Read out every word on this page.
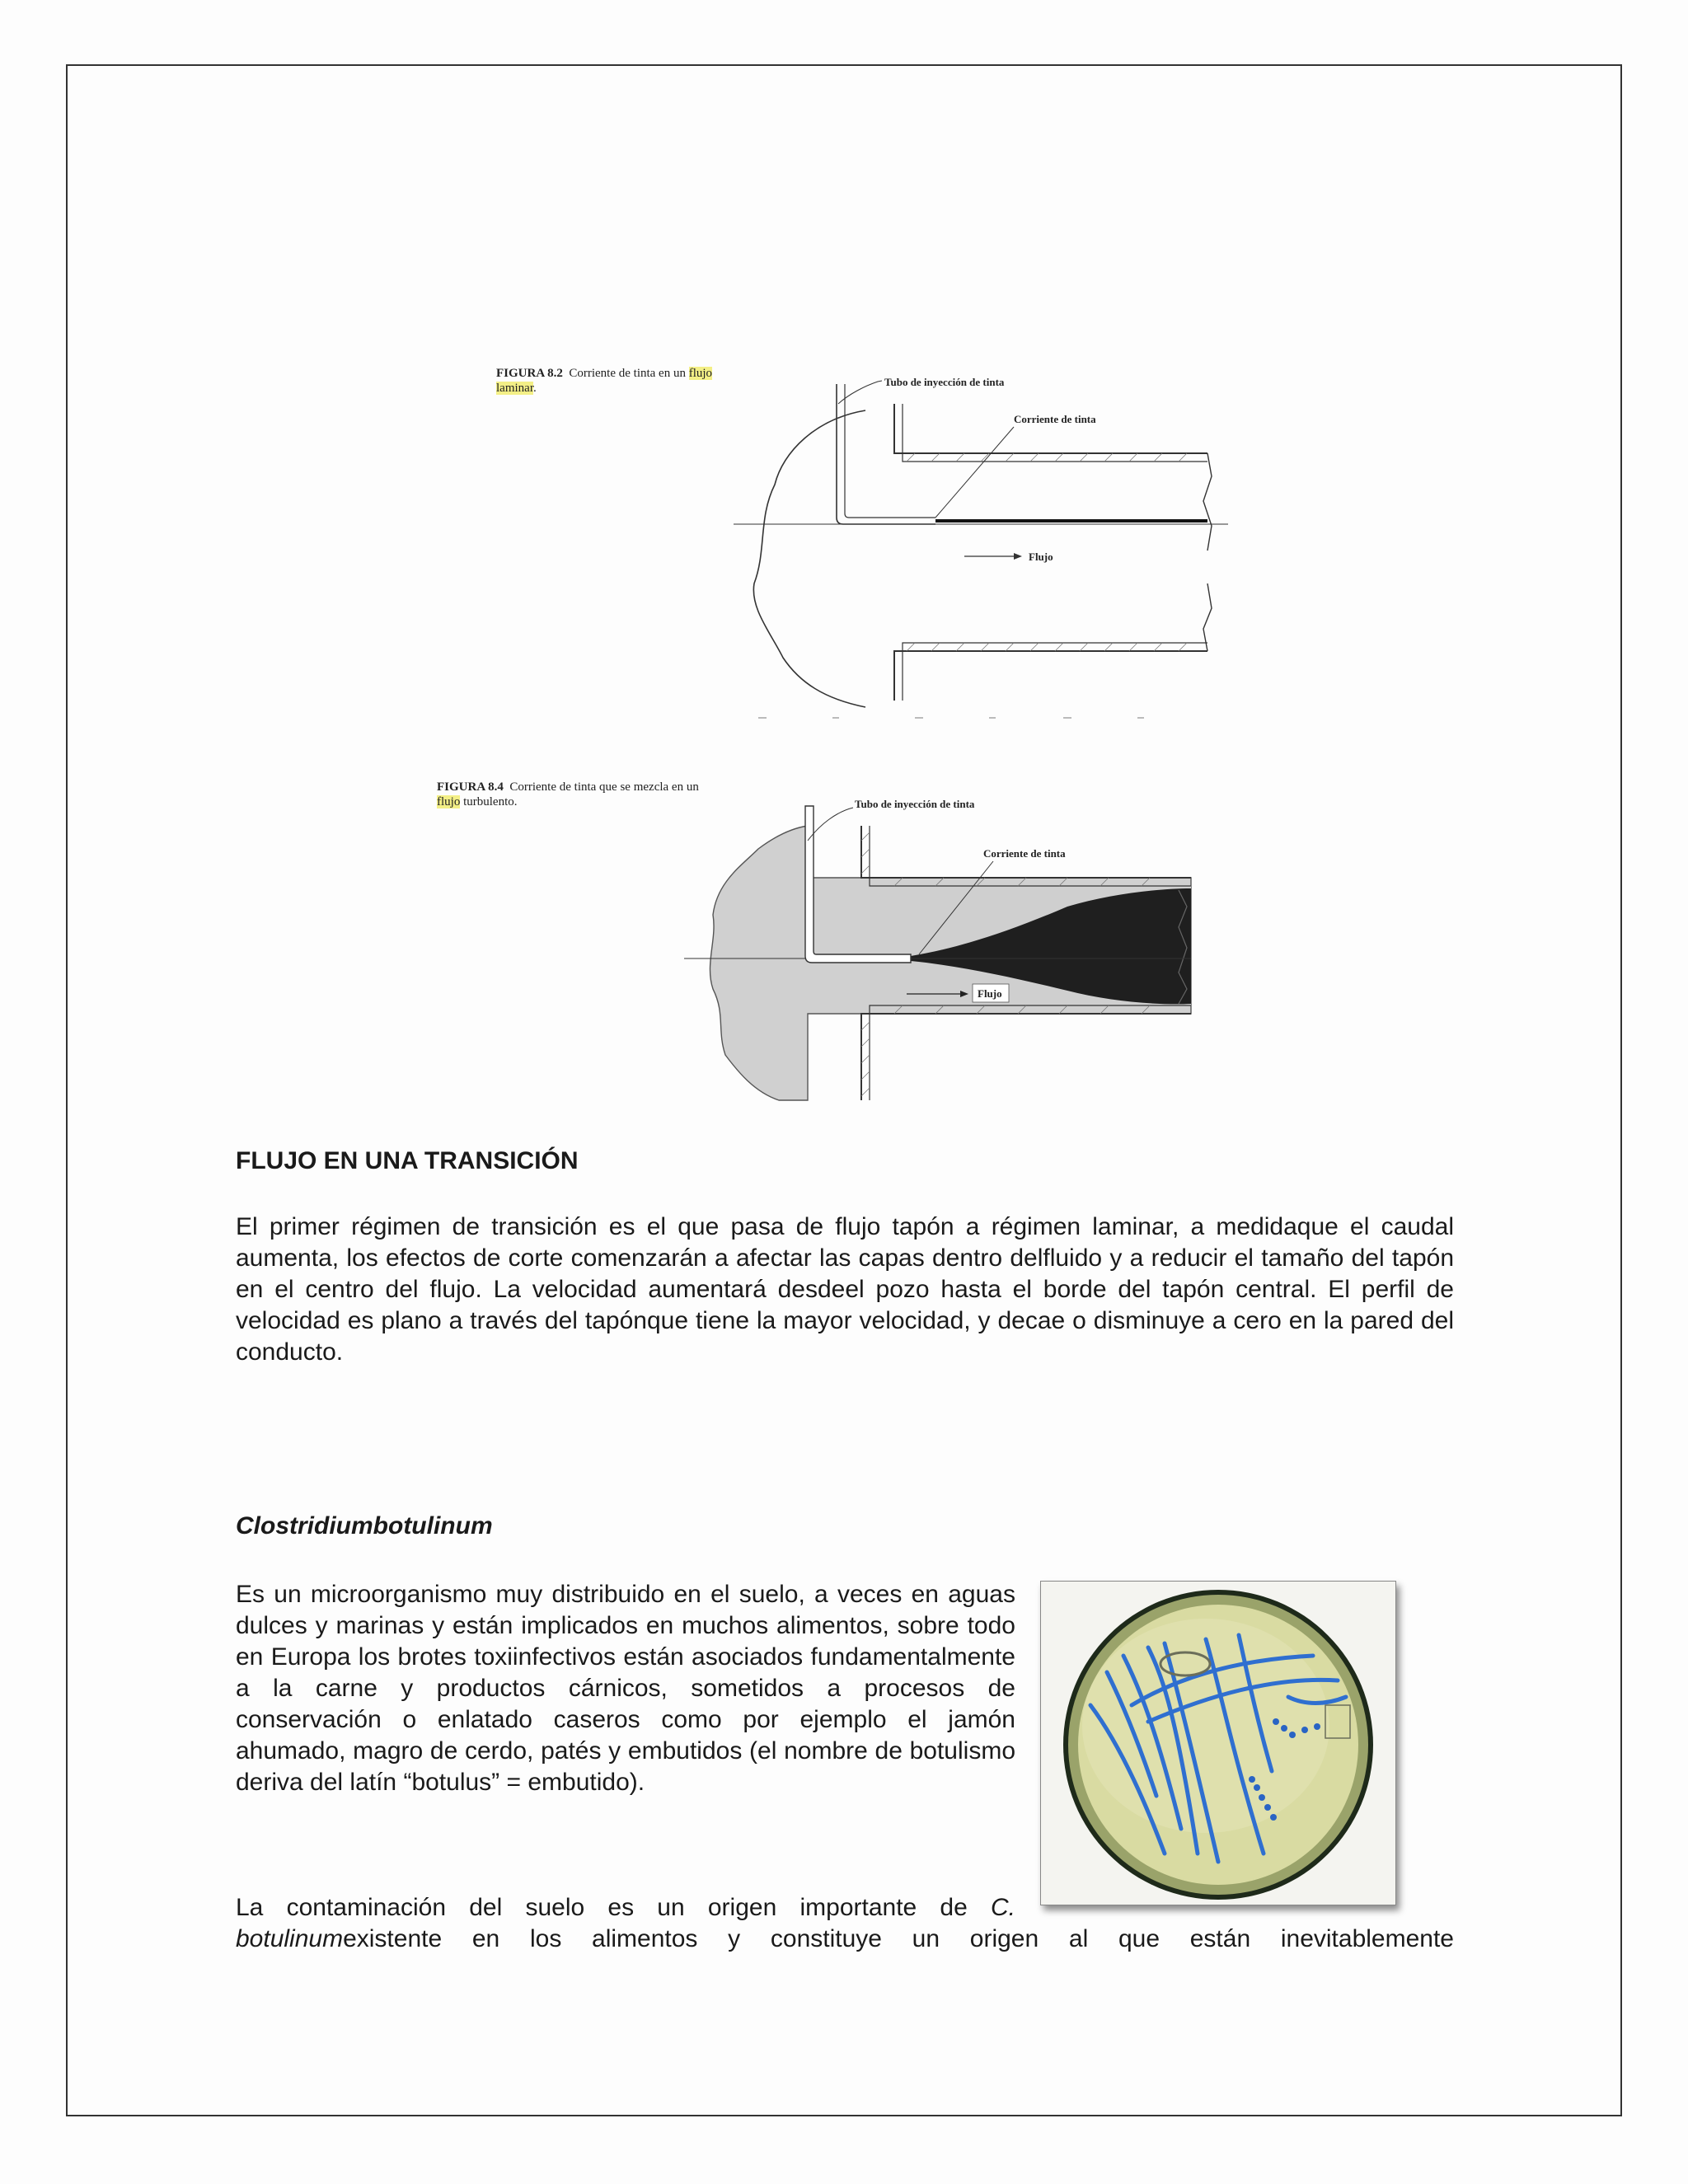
FIGURA 8.2 Corriente de tinta en un flujo laminar.	Tubo de inyección de tinta
Corriente de tinta
Flujo
FIGURA 8.4 Corriente de tinta que se mezcla en un flujo turbulento.	Tubo de inyección de tinta
Corriente de tinta
Flujo
FLUJO EN UNA TRANSICIÓN

El primer régimen de transición es el que pasa de flujo tapón a régimen laminar, a medidaque el caudal aumenta, los efectos de corte comenzarán a afectar las capas dentro delfluido y a reducir el tamaño del tapón en el centro del flujo. La velocidad aumentará desdeel pozo hasta el borde del tapón central. El perfil de velocidad es plano a través del tapónque tiene la mayor velocidad, y decae o disminuye a cero en la pared del conducto.

Clostridiumbotulinum

Es un microorganismo muy distribuido en el suelo, a veces en aguas dulces y marinas y están implicados en muchos alimentos, sobre todo en Europa los brotes toxiinfectivos están asociados fundamentalmente a la carne y productos cárnicos, sometidos a procesos de conservación o enlatado caseros como por ejemplo el jamón ahumado, magro de cerdo, patés y embutidos (el nombre de botulismo deriva del latín “botulus” = embutido).

La contaminación del suelo es un origen importante de C.

botulinumexistente en los alimentos y constituye un origen al que están inevitablemente
